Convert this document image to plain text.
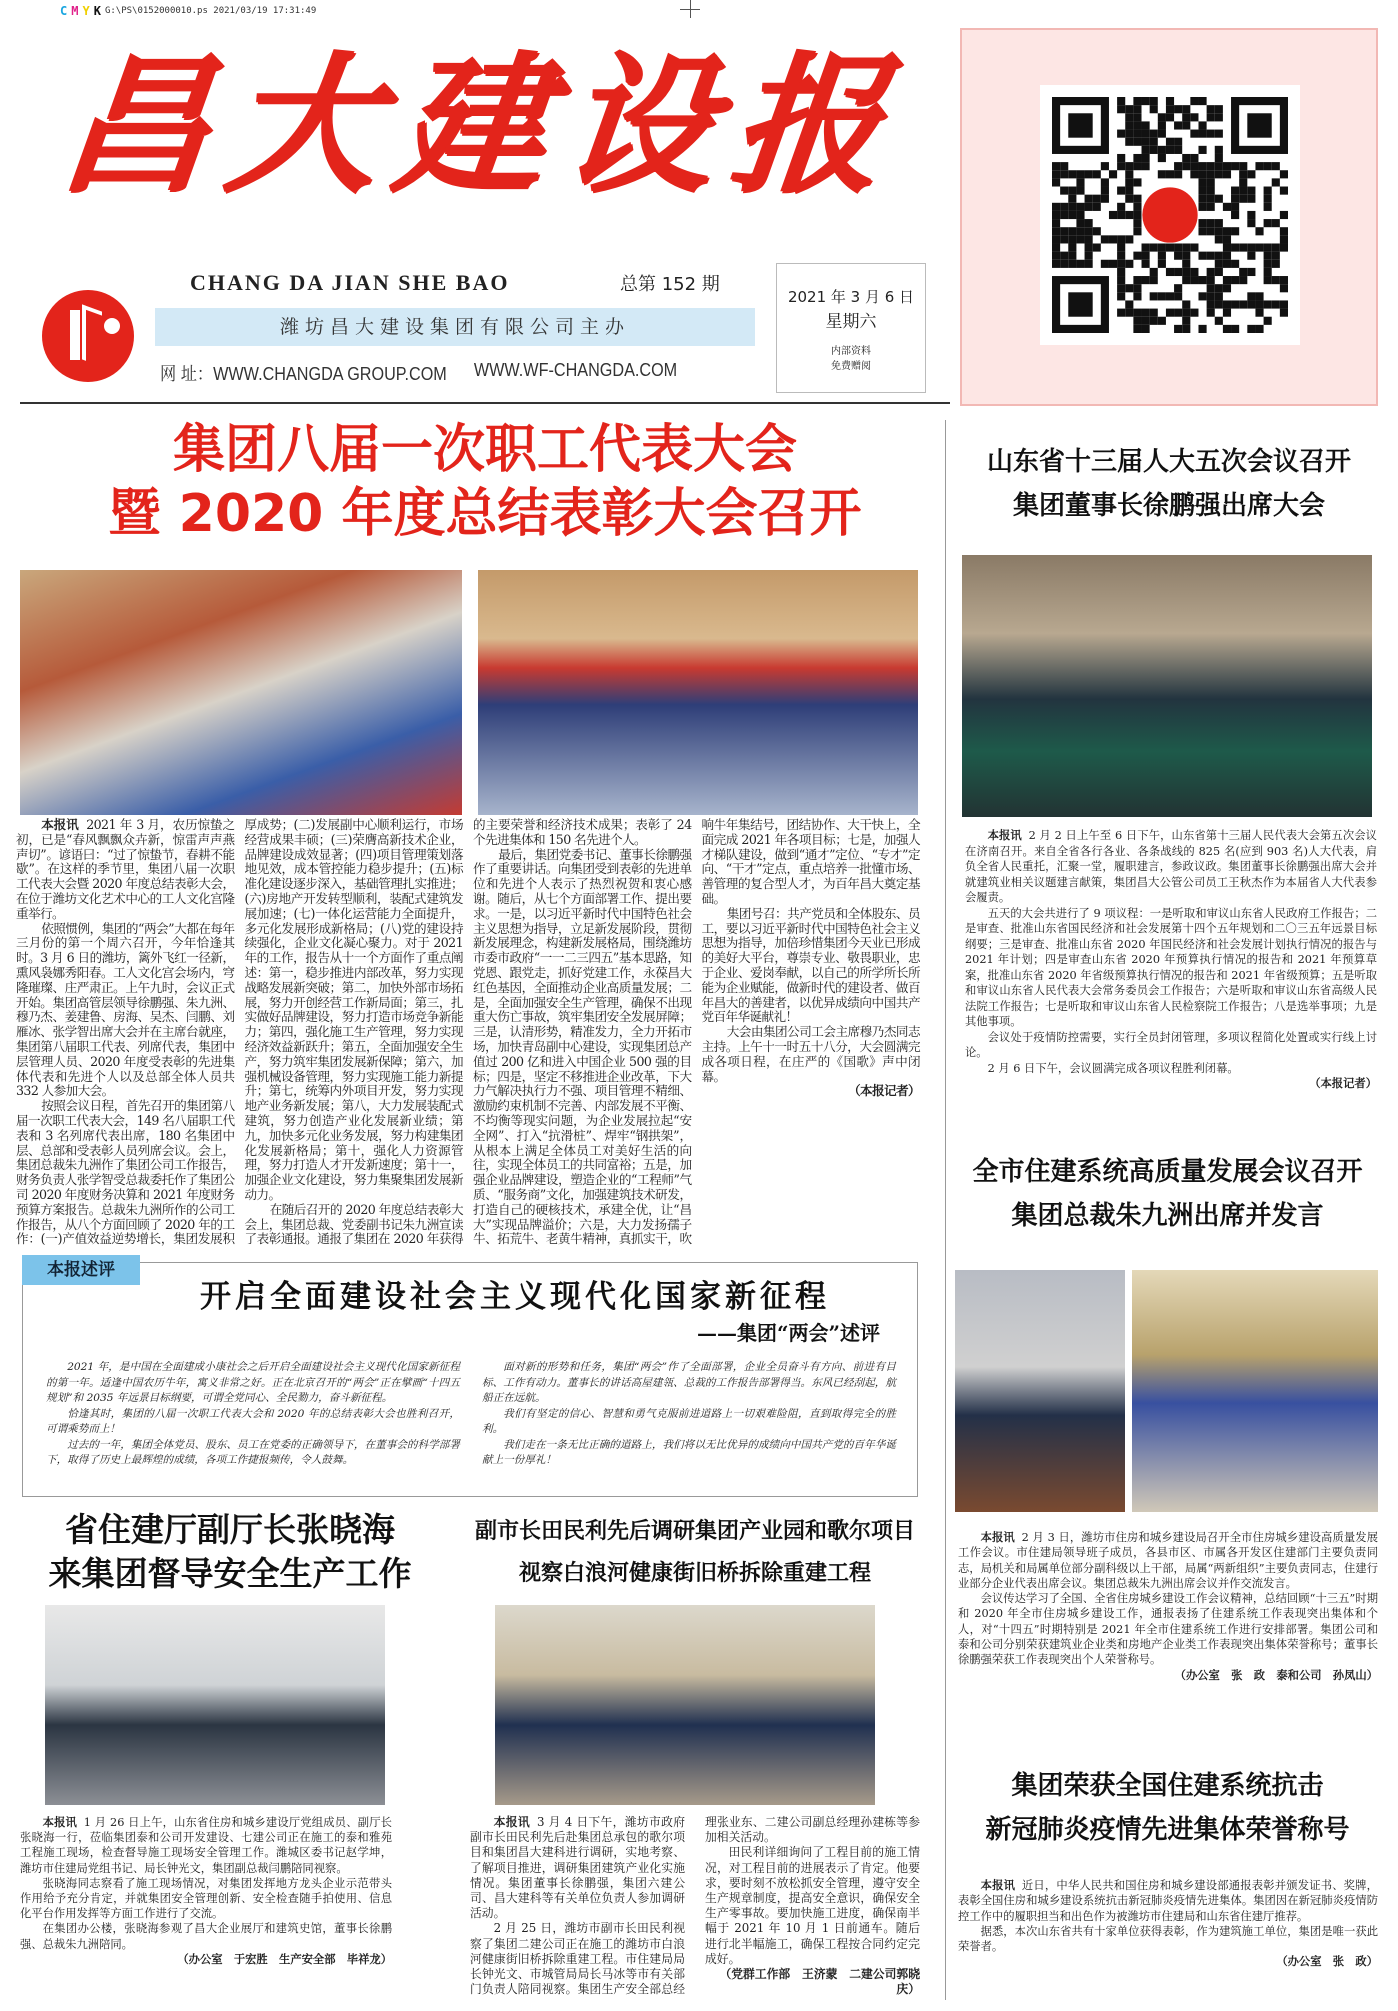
C M Y K G:\PS\0152000010.ps 2021/03/19 17:31:49
昌大建设报
CHANG DA JIAN SHE BAO	总第 152 期
潍坊昌大建设集团有限公司主办
网 址：WWW.CHANGDA GROUP.COM WWW.WF-CHANGDA.COM
2021 年 3 月 6 日
星期六
内部资料
免费赠阅
集团八届一次职工代表大会
暨 2020 年度总结表彰大会召开

本报讯 2021 年 3 月，农历惊蛰之初，已是“春风飘飘众卉新，惊雷声声燕声切”。谚语曰：“过了惊蛰节，春耕不能歇”。在这样的季节里，集团八届一次职工代表大会暨 2020 年度总结表彰大会，在位于潍坊文化艺术中心的工人文化宫隆重举行。

依照惯例，集团的“两会”大都在每年三月份的第一个周六召开，今年恰逢其时。3 月 6 日的潍坊，篱外飞红一径新，熏风袅娜秀阳春。工人文化宫会场内，穹隆璀璨、庄严肃正。上午九时，会议正式开始。集团高管层领导徐鹏强、朱九洲、穆乃杰、姜建鲁、房海、吴杰、闫鹏、刘雁冰、张学智出席大会并在主席台就座，集团第八届职工代表、列席代表，集团中层管理人员、2020 年度受表彰的先进集体代表和先进个人以及总部全体人员共 332 人参加大会。

按照会议日程，首先召开的集团第八届一次职工代表大会，149 名八届职工代表和 3 名列席代表出席，180 名集团中层、总部和受表彰人员列席会议。会上，集团总裁朱九洲作了集团公司工作报告，财务负责人张学智受总裁委托作了集团公司 2020 年度财务决算和 2021 年度财务预算方案报告。总裁朱九洲所作的公司工作报告，从八个方面回顾了 2020 年的工作：(一)产值效益逆势增长，集团发展积厚成势；(二)发展副中心顺利运行，市场经营成果丰硕；(三)荣膺高新技术企业，品牌建设成效显著；(四)项目管理策划落地见效，成本管控能力稳步提升；(五)标准化建设逐步深入，基础管理扎实推进；(六)房地产开发转型顺利，装配式建筑发展加速；(七)一体化运营能力全面提升，多元化发展形成新格局；(八)党的建设持续强化，企业文化凝心聚力。对于 2021 年的工作，报告从十一个方面作了重点阐述：第一，稳步推进内部改革，努力实现战略发展新突破；第二，加快外部市场拓展，努力开创经营工作新局面；第三，扎实做好品牌建设，努力打造市场竞争新能力；第四，强化施工生产管理，努力实现经济效益新跃升；第五，全面加强安全生产，努力筑牢集团发展新保障；第六，加强机械设备管理，努力实现施工能力新提升；第七，统筹内外项目开发，努力实现地产业务新发展；第八，大力发展装配式建筑，努力创造产业化发展新业绩；第九，加快多元化业务发展，努力构建集团化发展新格局；第十，强化人力资源管理，努力打造人才开发新速度；第十一，加强企业文化建设，努力集聚集团发展新动力。

在随后召开的 2020 年度总结表彰大会上，集团总裁、党委副书记朱九洲宣读了表彰通报。通报了集团在 2020 年获得的主要荣誉和经济技术成果；表彰了 24 个先进集体和 150 名先进个人。

最后，集团党委书记、董事长徐鹏强作了重要讲话。向集团受到表彰的先进单位和先进个人表示了热烈祝贺和衷心感谢。随后，从七个方面部署工作、提出要求。一是，以习近平新时代中国特色社会主义思想为指导，立足新发展阶段，贯彻新发展理念，构建新发展格局，围绕潍坊市委市政府“一一二三四五”基本思路，知党恩、跟党走，抓好党建工作，永葆昌大红色基因，全面推动企业高质量发展；二是，全面加强安全生产管理，确保不出现重大伤亡事故，筑牢集团安全发展屏障；三是，认清形势，精准发力，全力开拓市场，加快青岛副中心建设，实现集团总产值过 200 亿和进入中国企业 500 强的目标；四是，坚定不移推进企业改革，下大力气解决执行力不强、项目管理不精细、激励约束机制不完善、内部发展不平衡、不均衡等现实问题，为企业发展拉起“安全网”、打入“抗滑桩”、焊牢“钢拱架”，从根本上满足全体员工对美好生活的向往，实现全体员工的共同富裕；五是，加强企业品牌建设，塑造企业的“工程师”气质、“服务商”文化，加强建筑技术研发，打造自己的硬核技术，承建全优，让“昌大”实现品牌溢价；六是，大力发扬孺子牛、拓荒牛、老黄牛精神，真抓实干，吹响牛年集结号，团结协作、大干快上，全面完成 2021 年各项目标；七是，加强人才梯队建设，做到“通才”定位、“专才”定向、“干才”定点，重点培养一批懂市场、善管理的复合型人才，为百年昌大奠定基础。

集团号召：共产党员和全体股东、员工，要以习近平新时代中国特色社会主义思想为指导，加倍珍惜集团今天业已形成的美好大平台，尊崇专业、敬畏职业，忠于企业、爱岗奉献，以自己的所学所长所能为企业赋能，做新时代的建设者、做百年昌大的善建者，以优异成绩向中国共产党百年华诞献礼！

大会由集团公司工会主席穆乃杰同志主持。上午十一时五十八分，大会圆满完成各项日程，在庄严的《国歌》声中闭幕。

（本报记者）

山东省十三届人大五次会议召开
集团董事长徐鹏强出席大会

本报讯 2 月 2 日上午至 6 日下午，山东省第十三届人民代表大会第五次会议在济南召开。来自全省各行各业、各条战线的 825 名(应到 903 名)人大代表，肩负全省人民重托，汇聚一堂，履职建言，参政议政。集团董事长徐鹏强出席大会并就建筑业相关议题建言献策，集团昌大公管公司员工王秋杰作为本届省人大代表参会履责。

五天的大会共进行了 9 项议程：一是听取和审议山东省人民政府工作报告；二是审查、批准山东省国民经济和社会发展第十四个五年规划和二〇三五年远景目标纲要；三是审查、批准山东省 2020 年国民经济和社会发展计划执行情况的报告与 2021 年计划；四是审查山东省 2020 年预算执行情况的报告和 2021 年预算草案，批准山东省 2020 年省级预算执行情况的报告和 2021 年省级预算；五是听取和审议山东省人民代表大会常务委员会工作报告；六是听取和审议山东省高级人民法院工作报告；七是听取和审议山东省人民检察院工作报告；八是选举事项；九是其他事项。

会议处于疫情防控需要，实行全员封闭管理，多项议程简化处置或实行线上讨论。

2 月 6 日下午，会议圆满完成各项议程胜利闭幕。

（本报记者）

全市住建系统高质量发展会议召开
集团总裁朱九洲出席并发言

本报讯 2 月 3 日，潍坊市住房和城乡建设局召开全市住房城乡建设高质量发展工作会议。市住建局领导班子成员，各县市区、市属各开发区住建部门主要负责同志，局机关和局属单位部分副科级以上干部，局属“两新组织”主要负责同志，住建行业部分企业代表出席会议。集团总裁朱九洲出席会议并作交流发言。

会议传达学习了全国、全省住房城乡建设工作会议精神，总结回顾“十三五”时期和 2020 年全市住房城乡建设工作，通报表扬了住建系统工作表现突出集体和个人，对“十四五”时期特别是 2021 年全市住建系统工作进行安排部署。集团公司和泰和公司分别荣获建筑业企业类和房地产企业类工作表现突出集体荣誉称号；董事长徐鹏强荣获工作表现突出个人荣誉称号。

（办公室　张　政　泰和公司　孙凤山）

集团荣获全国住建系统抗击
新冠肺炎疫情先进集体荣誉称号

本报讯 近日，中华人民共和国住房和城乡建设部通报表彰并颁发证书、奖牌，表彰全国住房和城乡建设系统抗击新冠肺炎疫情先进集体。集团因在新冠肺炎疫情防控工作中的履职担当和出色作为被潍坊市住建局和山东省住建厅推荐。

据悉，本次山东省共有十家单位获得表彰，作为建筑施工单位，集团是唯一获此荣誉者。

（办公室　张　政）

本报述评
开启全面建设社会主义现代化国家新征程
——集团“两会”述评

2021 年，是中国在全面建成小康社会之后开启全面建设社会主义现代化国家新征程的第一年。适逢中国农历牛年，寓义非常之好。正在北京召开的“两会”正在擘画“十四五规划”和 2035 年远景目标纲要，可谓全党同心、全民勠力，奋斗新征程。

恰逢其时，集团的八届一次职工代表大会和 2020 年的总结表彰大会也胜利召开，可谓乘势而上！

过去的一年，集团全体党员、股东、员工在党委的正确领导下，在董事会的科学部署下，取得了历史上最辉煌的成绩，各项工作捷报频传，令人鼓舞。

面对新的形势和任务，集团“两会”作了全面部署，企业全员奋斗有方向、前进有目标、工作有动力。董事长的讲话高屋建瓴、总裁的工作报告部署得当。东风已经刮起，航船正在远航。

我们有坚定的信心、智慧和勇气克服前进道路上一切艰难险阻，直到取得完全的胜利。

我们走在一条无比正确的道路上，我们将以无比优异的成绩向中国共产党的百年华诞献上一份厚礼！

省住建厅副厅长张晓海
来集团督导安全生产工作

本报讯 1 月 26 日上午，山东省住房和城乡建设厅党组成员、副厅长张晓海一行，莅临集团泰和公司开发建设、七建公司正在施工的泰和雅苑工程施工现场，检查督导施工现场安全管理工作。潍城区委书记赵学坤，潍坊市住建局党组书记、局长钟光文，集团副总裁闫鹏陪同视察。

张晓海同志察看了施工现场情况，对集团发挥地方龙头企业示范带头作用给予充分肯定，并就集团安全管理创新、安全检查随手拍使用、信息化平台作用发挥等方面工作进行了交流。

在集团办公楼，张晓海参观了昌大企业展厅和建筑史馆，董事长徐鹏强、总裁朱九洲陪同。

（办公室　于宏胜　生产安全部　毕祥龙）

副市长田民利先后调研集团产业园和歌尔项目
视察白浪河健康街旧桥拆除重建工程

本报讯 3 月 4 日下午，潍坊市政府副市长田民利先后赴集团总承包的歌尔项目和集团昌大建科进行调研，实地考察、了解项目推进，调研集团建筑产业化实施情况。集团董事长徐鹏强，集团六建公司、昌大建科等有关单位负责人参加调研活动。

2 月 25 日，潍坊市副市长田民利视察了集团二建公司正在施工的潍坊市白浪河健康街旧桥拆除重建工程。市住建局局长钟光文、市城管局局长马冰等市有关部门负责人陪同视察。集团生产安全部总经理张业东、二建公司副总经理孙建栋等参加相关活动。

田民利详细询问了工程目前的施工情况，对工程目前的进展表示了肯定。他要求，要时刻不放松抓安全管理，遵守安全生产规章制度，提高安全意识，确保安全生产零事故。要加快施工进度，确保南半幅于 2021 年 10 月 1 日前通车。随后进行北半幅施工，确保工程按合同约定完成好。

（党群工作部　王济蒙　二建公司郭晓庆）
